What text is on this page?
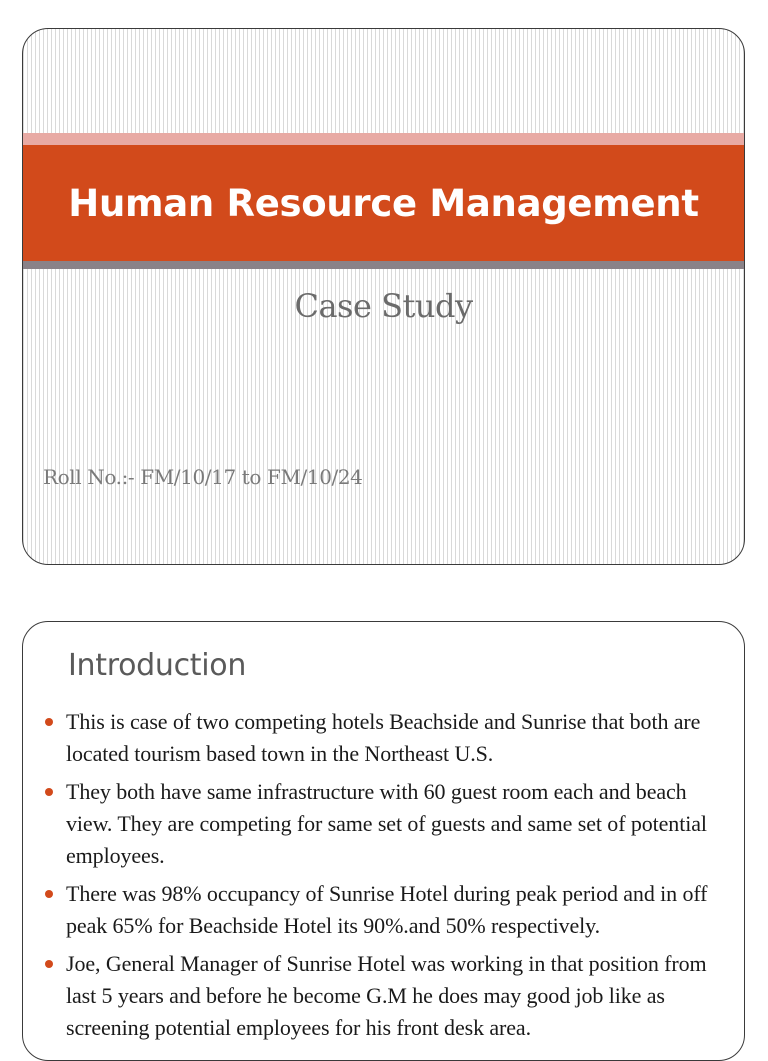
Human Resource Management
Case Study
Roll No.:- FM/10/17 to FM/10/24
Introduction
This is case of two competing hotels Beachside and Sunrise that both are located tourism based town in the Northeast U.S.
They both have same infrastructure with 60 guest room each and beach view. They are competing for same set of guests and same set of potential employees.
There was 98% occupancy of Sunrise Hotel during peak period and in off peak 65% for Beachside Hotel its 90%.and 50% respectively.
Joe, General Manager of Sunrise Hotel was working in that position from last 5 years and before he become G.M he does may good job like as screening potential employees for his front desk area.
